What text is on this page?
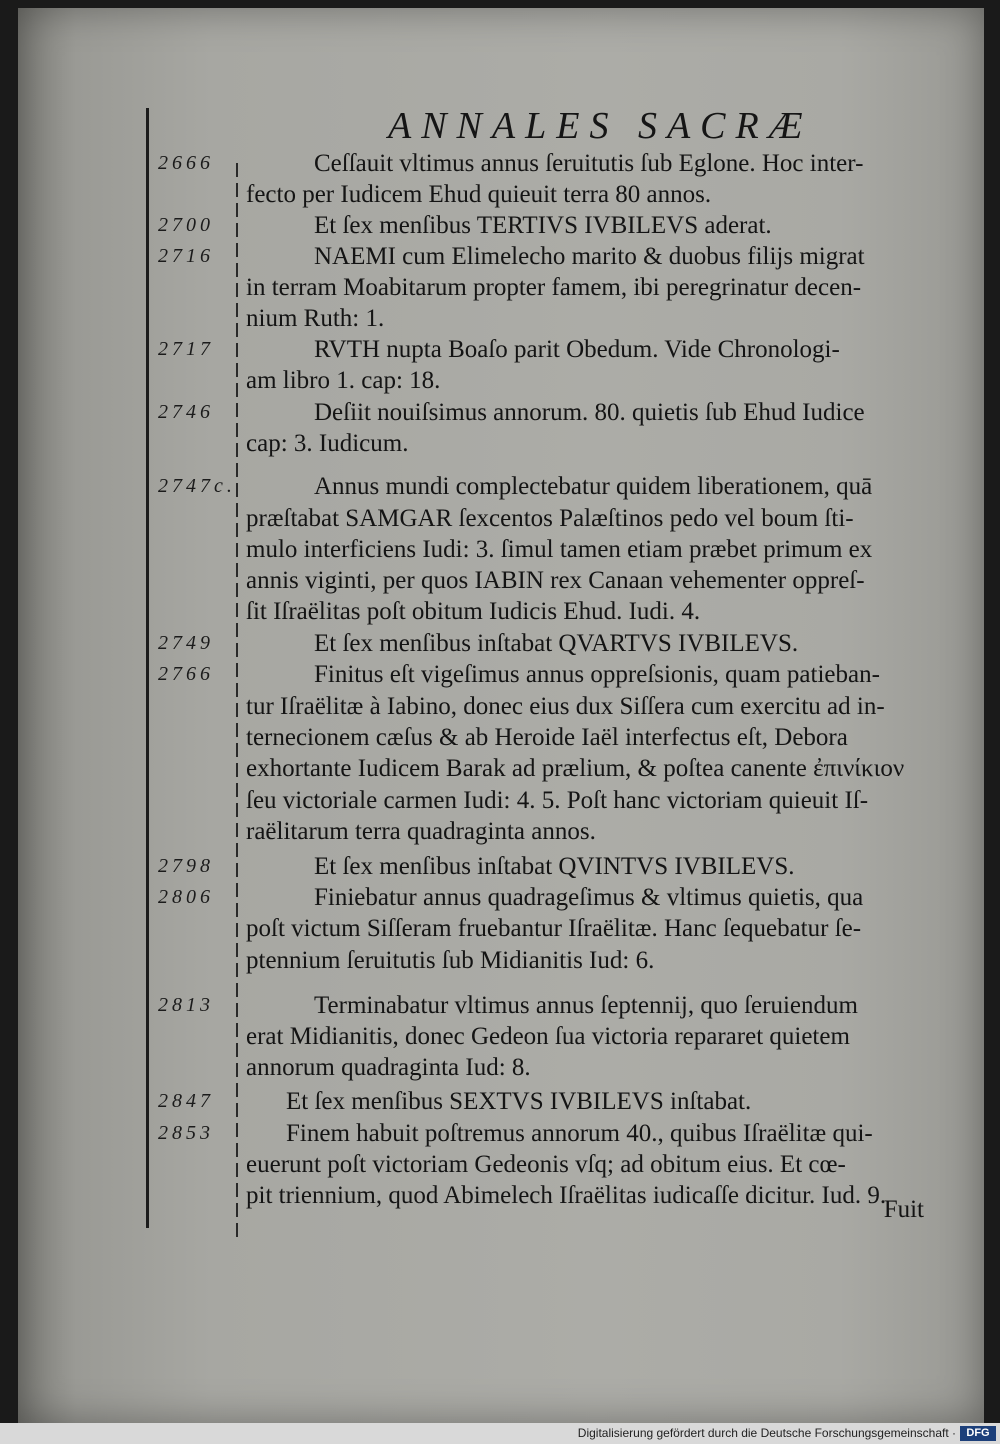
ANNALES SACRÆ
2666
2700
2716
2717
2746
2747c.
2749
2766
2798
2806
2813
2847
2853
Ceſſauit vltimus annus ſeruitutis ſub Eglone. Hoc inter-
fecto per Iudicem Ehud quieuit terra 80 annos.
Et ſex menſibus TERTIVS IVBILEVS aderat.
NAEMI cum Elimelecho marito & duobus filijs migrat
in terram Moabitarum propter famem, ibi peregrinatur decen-
nium Ruth: 1.
RVTH nupta Boaſo parit Obedum. Vide Chronologi-
am libro 1. cap: 18.
Deſiit nouiſsimus annorum. 80. quietis ſub Ehud Iudice
cap: 3. Iudicum.
Annus mundi complectebatur quidem liberationem, quā
præſtabat SAMGAR ſexcentos Palæſtinos pedo vel boum ſti-
mulo interficiens Iudi: 3. ſimul tamen etiam præbet primum ex
annis viginti, per quos IABIN rex Canaan vehementer oppreſ-
ſit Iſraëlitas poſt obitum Iudicis Ehud. Iudi. 4.
Et ſex menſibus inſtabat QVARTVS IVBILEVS.
Finitus eſt vigeſimus annus oppreſsionis, quam patieban-
tur Iſraëlitæ à Iabino, donec eius dux Siſſera cum exercitu ad in-
ternecionem cæſus & ab Heroide Iaël interfectus eſt, Debora
exhortante Iudicem Barak ad prælium, & poſtea canente ἐπινίκιον
ſeu victoriale carmen Iudi: 4. 5. Poſt hanc victoriam quieuit Iſ-
raëlitarum terra quadraginta annos.
Et ſex menſibus inſtabat QVINTVS IVBILEVS.
Finiebatur annus quadrageſimus & vltimus quietis, qua
poſt victum Siſſeram fruebantur Iſraëlitæ. Hanc ſequebatur ſe-
ptennium ſeruitutis ſub Midianitis Iud: 6.
Terminabatur vltimus annus ſeptennij, quo ſeruiendum
erat Midianitis, donec Gedeon ſua victoria repararet quietem
annorum quadraginta Iud: 8.
Et ſex menſibus SEXTVS IVBILEVS inſtabat.
Finem habuit poſtremus annorum 40., quibus Iſraëlitæ qui-
euerunt poſt victoriam Gedeonis vſq; ad obitum eius. Et cœ-
pit triennium, quod Abimelech Iſraëlitas iudicaſſe dicitur. Iud. 9.
Fuit
Digitalisierung gefördert durch die Deutsche Forschungsgemeinschaft · DFG
